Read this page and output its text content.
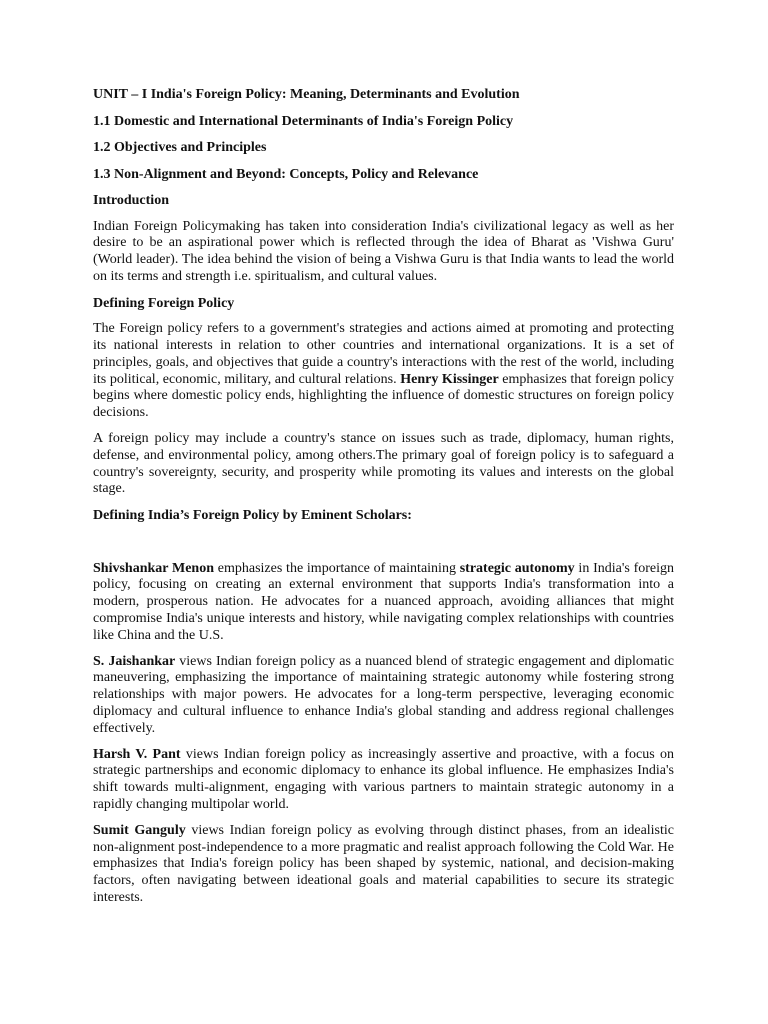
UNIT – I India's Foreign Policy: Meaning, Determinants and Evolution
1.1 Domestic and International Determinants of India's Foreign Policy
1.2 Objectives and Principles
1.3 Non-Alignment and Beyond: Concepts, Policy and Relevance
Introduction

Indian Foreign Policymaking has taken into consideration India's civilizational legacy as well as her desire to be an aspirational power which is reflected through the idea of Bharat as 'Vishwa Guru' (World leader). The idea behind the vision of being a Vishwa Guru is that India wants to lead the world on its terms and strength i.e. spiritualism, and cultural values.

Defining Foreign Policy

The Foreign policy refers to a government's strategies and actions aimed at promoting and protecting its national interests in relation to other countries and international organizations. It is a set of principles, goals, and objectives that guide a country's interactions with the rest of the world, including its political, economic, military, and cultural relations. Henry Kissinger emphasizes that foreign policy begins where domestic policy ends, highlighting the influence of domestic structures on foreign policy decisions.

A foreign policy may include a country's stance on issues such as trade, diplomacy, human rights, defense, and environmental policy, among others.The primary goal of foreign policy is to safeguard a country's sovereignty, security, and prosperity while promoting its values and interests on the global stage.

Defining India’s Foreign Policy by Eminent Scholars:

Shivshankar Menon emphasizes the importance of maintaining strategic autonomy in India's foreign policy, focusing on creating an external environment that supports India's transformation into a modern, prosperous nation. He advocates for a nuanced approach, avoiding alliances that might compromise India's unique interests and history, while navigating complex relationships with countries like China and the U.S.

S. Jaishankar views Indian foreign policy as a nuanced blend of strategic engagement and diplomatic maneuvering, emphasizing the importance of maintaining strategic autonomy while fostering strong relationships with major powers. He advocates for a long-term perspective, leveraging economic diplomacy and cultural influence to enhance India's global standing and address regional challenges effectively.

Harsh V. Pant views Indian foreign policy as increasingly assertive and proactive, with a focus on strategic partnerships and economic diplomacy to enhance its global influence. He emphasizes India's shift towards multi-alignment, engaging with various partners to maintain strategic autonomy in a rapidly changing multipolar world.

Sumit Ganguly views Indian foreign policy as evolving through distinct phases, from an idealistic non-alignment post-independence to a more pragmatic and realist approach following the Cold War. He emphasizes that India's foreign policy has been shaped by systemic, national, and decision-making factors, often navigating between ideational goals and material capabilities to secure its strategic interests.
